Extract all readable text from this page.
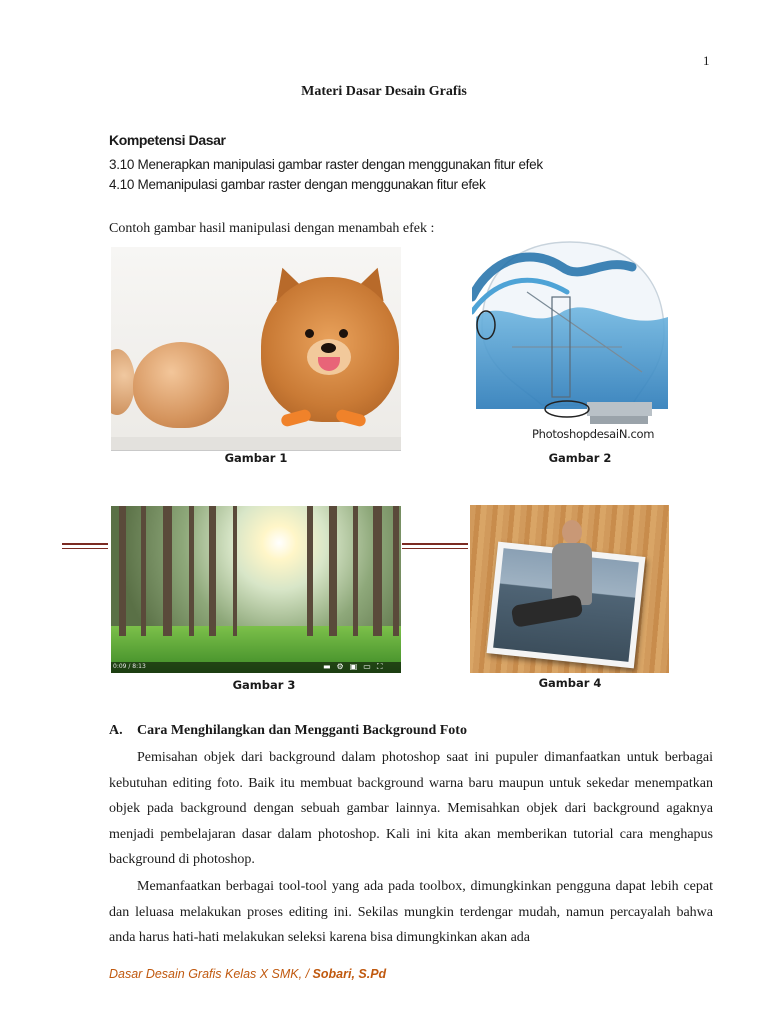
1
Materi Dasar Desain Grafis
Kompetensi Dasar
3.10 Menerapkan manipulasi gambar raster dengan menggunakan fitur efek
4.10 Memanipulasi gambar raster dengan menggunakan fitur efek
Contoh gambar hasil manipulasi dengan menambah efek :
Gambar 1
PhotoshopdesaiN.com
Gambar 2
0:09 / 8:13	▬⚙▣▭⛶
Gambar 3	Gambar 4
A. Cara Menghilangkan dan Mengganti Background Foto
Pemisahan objek dari background dalam photoshop saat ini pupuler dimanfaatkan untuk berbagai kebutuhan editing foto. Baik itu membuat background warna baru maupun untuk sekedar menempatkan objek pada background dengan sebuah gambar lainnya. Memisahkan objek dari background agaknya menjadi pembelajaran dasar dalam photoshop. Kali ini kita akan memberikan tutorial cara menghapus background di photoshop.
Memanfaatkan berbagai tool-tool yang ada pada toolbox, dimungkinkan pengguna dapat lebih cepat dan leluasa melakukan proses editing ini. Sekilas mungkin terdengar mudah, namun percayalah bahwa anda harus hati-hati melakukan seleksi karena bisa dimungkinkan akan ada
Dasar Desain Grafis Kelas X SMK, / Sobari, S.Pd
